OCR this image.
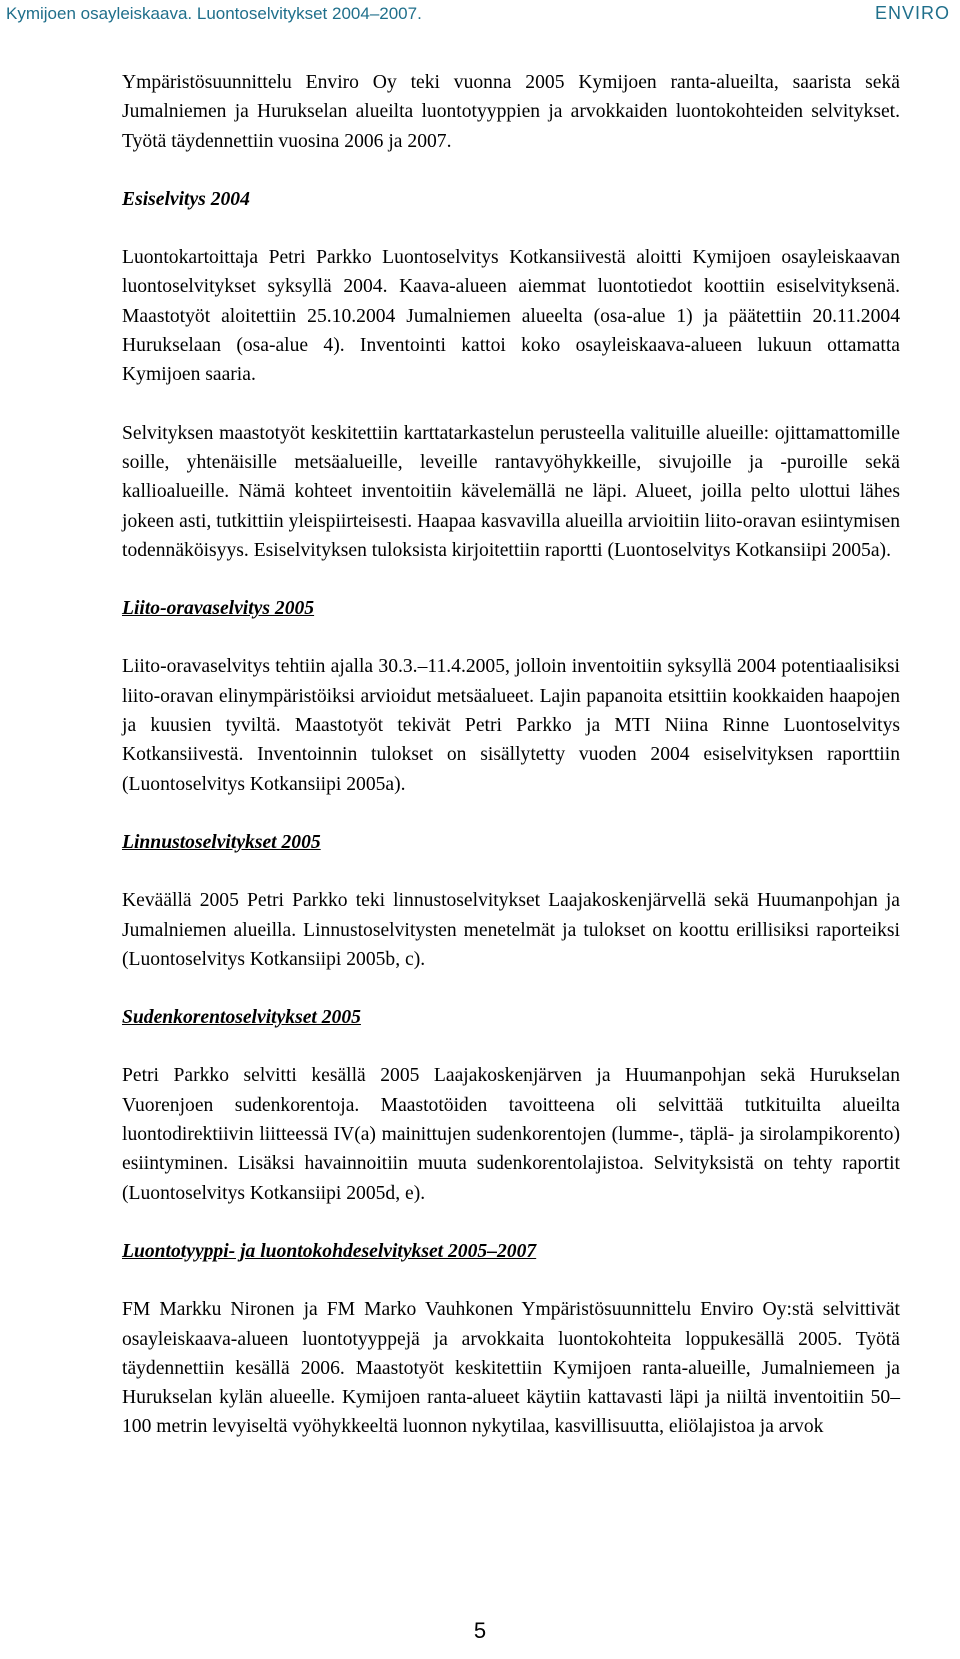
Kymijoen osayleiskaava. Luontoselvitykset 2004–2007.	ENVIRO

Ympäristösuunnittelu Enviro Oy teki vuonna 2005 Kymijoen ranta-alueilta, saarista sekä Jumalniemen ja Hurukselan alueilta luontotyyppien ja arvokkaiden luontokohteiden selvitykset. Työtä täydennettiin vuosina 2006 ja 2007.

Esiselvitys 2004

Luontokartoittaja Petri Parkko Luontoselvitys Kotkansiivestä aloitti Kymijoen osayleiskaavan luontoselvitykset syksyllä 2004. Kaava-alueen aiemmat luontotiedot koottiin esiselvityksenä. Maastotyöt aloitettiin 25.10.2004 Jumalniemen alueelta (osa-alue 1) ja päätettiin 20.11.2004 Hurukselaan (osa-alue 4). Inventointi kattoi koko osayleiskaava-alueen lukuun ottamatta Kymijoen saaria.

Selvityksen maastotyöt keskitettiin karttatarkastelun perusteella valituille alueille: ojittamattomille soille, yhtenäisille metsäalueille, leveille rantavyöhykkeille, sivujoille ja -puroille sekä kallioalueille. Nämä kohteet inventoitiin kävelemällä ne läpi. Alueet, joilla pelto ulottui lähes jokeen asti, tutkittiin yleispiirteisesti. Haapaa kasvavilla alueilla arvioitiin liito-oravan esiintymisen todennäköisyys. Esiselvityksen tuloksista kirjoitettiin raportti (Luontoselvitys Kotkansiipi 2005a).

Liito-oravaselvitys 2005

Liito-oravaselvitys tehtiin ajalla 30.3.–11.4.2005, jolloin inventoitiin syksyllä 2004 potentiaalisiksi liito-oravan elinympäristöiksi arvioidut metsäalueet. Lajin papanoita etsittiin kookkaiden haapojen ja kuusien tyviltä. Maastotyöt tekivät Petri Parkko ja MTI Niina Rinne Luontoselvitys Kotkansiivestä. Inventoinnin tulokset on sisällytetty vuoden 2004 esiselvityksen raporttiin (Luontoselvitys Kotkansiipi 2005a).

Linnustoselvitykset 2005

Keväällä 2005 Petri Parkko teki linnustoselvitykset Laajakoskenjärvellä sekä Huumanpohjan ja Jumalniemen alueilla. Linnustoselvitysten menetelmät ja tulokset on koottu erillisiksi raporteiksi (Luontoselvitys Kotkansiipi 2005b, c).

Sudenkorentoselvitykset 2005

Petri Parkko selvitti kesällä 2005 Laajakoskenjärven ja Huumanpohjan sekä Hurukselan Vuorenjoen sudenkorentoja. Maastotöiden tavoitteena oli selvittää tutkituilta alueilta luontodirektiivin liitteessä IV(a) mainittujen sudenkorentojen (lumme-, täplä- ja sirolampikorento) esiintyminen. Lisäksi havainnoitiin muuta sudenkorentolajistoa. Selvityksistä on tehty raportit (Luontoselvitys Kotkansiipi 2005d, e).

Luontotyyppi- ja luontokohdeselvitykset 2005–2007

FM Markku Nironen ja FM Marko Vauhkonen Ympäristösuunnittelu Enviro Oy:stä selvittivät osayleiskaava-alueen luontotyyppejä ja arvokkaita luontokohteita loppukesällä 2005. Työtä täydennettiin kesällä 2006. Maastotyöt keskitettiin Kymijoen ranta-alueille, Jumalniemeen ja Hurukselan kylän alueelle. Kymijoen ranta-alueet käytiin kattavasti läpi ja niiltä inventoitiin 50–100 metrin levyiseltä vyöhykkeeltä luonnon nykytilaa, kasvillisuutta, eliölajistoa ja arvok

5
